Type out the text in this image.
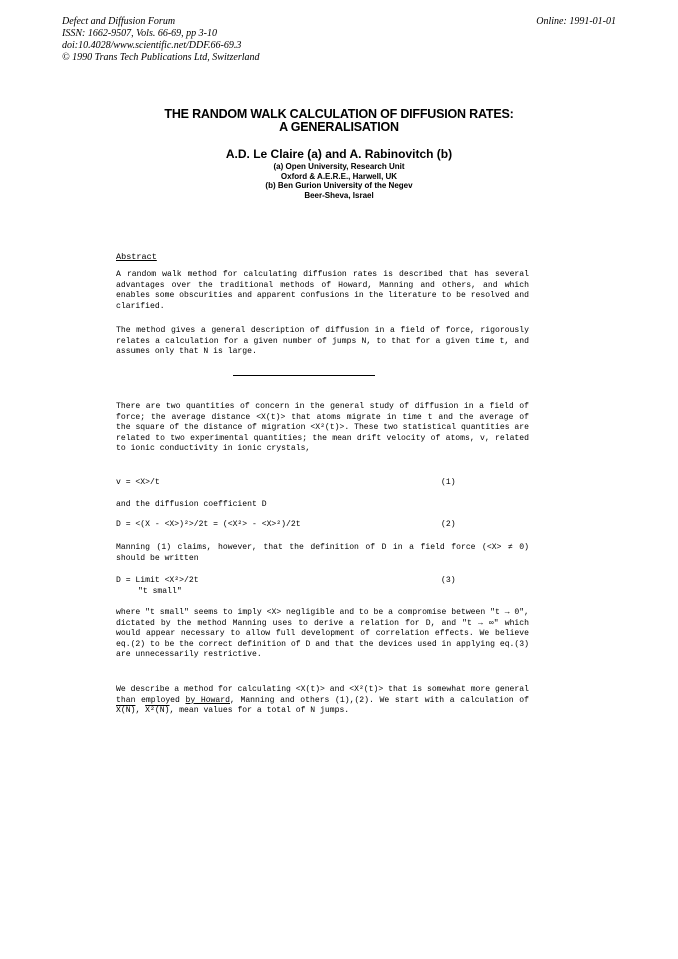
Defect and Diffusion Forum
ISSN: 1662-9507, Vols. 66-69, pp 3-10
doi:10.4028/www.scientific.net/DDF.66-69.3
© 1990 Trans Tech Publications Ltd, Switzerland
Online: 1991-01-01
THE RANDOM WALK CALCULATION OF DIFFUSION RATES:
A GENERALISATION
A.D. Le Claire (a) and A. Rabinovitch (b)
(a) Open University, Research Unit
Oxford & A.E.R.E., Harwell, UK
(b) Ben Gurion University of the Negev
Beer-Sheva, Israel
Abstract

A random walk method for calculating diffusion rates is described that has several advantages over the traditional methods of Howard, Manning and others, and which enables some obscurities and apparent confusions in the literature to be resolved and clarified.

The method gives a general description of diffusion in a field of force, rigorously relates a calculation for a given number of jumps N, to that for a given time t, and assumes only that N is large.

There are two quantities of concern in the general study of diffusion in a field of force; the average distance <X(t)> that atoms migrate in time t and the average of the square of the distance of migration <X²(t)>. These two statistical quantities are related to two experimental quantities; the mean drift velocity of atoms, v, related to ionic conductivity in ionic crystals,

v = <X>/t	(1)
and the diffusion coefficient D
D = <(X - <X>)²>/2t = (<X²> - <X>²)/2t	(2)

Manning (1) claims, however, that the definition of D in a field force (<X> ≠ 0) should be written

D = Limit <X²>/2t	(3)
"t small"

where "t small" seems to imply <X> negligible and to be a compromise between "t → 0", dictated by the method Manning uses to derive a relation for D, and "t → ∞" which would appear necessary to allow full development of correlation effects. We believe eq.(2) to be the correct definition of D and that the devices used in applying eq.(3) are unnecessarily restrictive.

We describe a method for calculating <X(t)> and <X²(t)> that is somewhat more general than employed by Howard, Manning and others (1),(2). We start with a calculation of X(N), X²(N), mean values for a total of N jumps.
